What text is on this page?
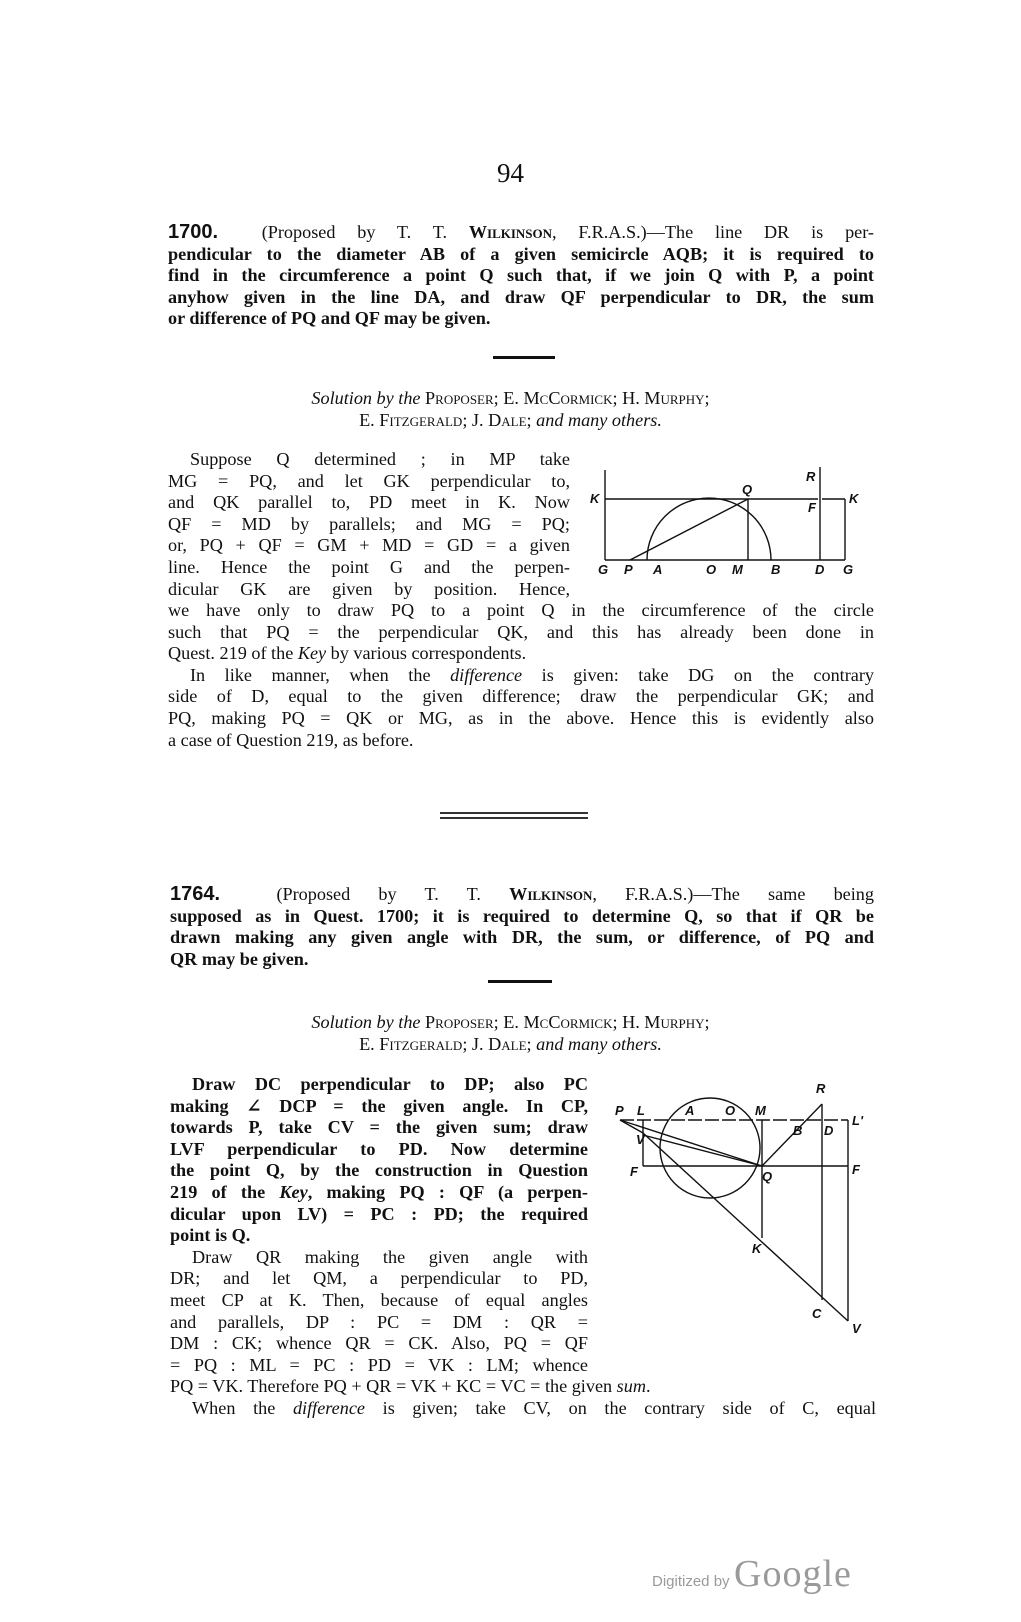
94
1700. (Proposed by T. T. Wilkinson, F.R.A.S.)—The line DR is per-
pendicular to the diameter AB of a given semicircle AQB; it is required to
find in the circumference a point Q such that, if we join Q with P, a point
anyhow given in the line DA, and draw QF perpendicular to DR, the sum
or difference of PQ and QF may be given.
Solution by the Proposer; E. McCormick; H. Murphy;
E. Fitzgerald; J. Dale; and many others.
Suppose Q determined ; in MP take
MG = PQ, and let GK perpendicular to,
and QK parallel to, PD meet in K. Now
QF = MD by parallels; and MG = PQ;
or, PQ + QF = GM + MD = GD = a given
line. Hence the point G and the perpen-
dicular GK are given by position. Hence,
K
Q
R
F
K
G P A	O M B	D G
we have only to draw PQ to a point Q in the circumference of the circle
such that PQ = the perpendicular QK, and this has already been done in
Quest. 219 of the Key by various correspondents.
In like manner, when the difference is given: take DG on the contrary
side of D, equal to the given difference; draw the perpendicular GK; and
PQ, making PQ = QK or MG, as in the above. Hence this is evidently also
a case of Question 219, as before.
1764.	(Proposed by T. T. Wilkinson, F.R.A.S.)—The same being
supposed as in Quest. 1700; it is required to determine Q, so that if QR be
drawn making any given angle with DR, the sum, or difference, of PQ and
QR may be given.
Solution by the Proposer; E. McCormick; H. Murphy;
E. Fitzgerald; J. Dale; and many others.
Draw DC perpendicular to DP; also PC
making ∠ DCP = the given angle. In CP,
towards P, take CV = the given sum; draw
LVF perpendicular to PD. Now determine
the point Q, by the construction in Question
219 of the Key, making PQ : QF (a perpen-
dicular upon LV) = PC : PD; the required
point is Q.
Draw QR making the given angle with
DR; and let QM, a perpendicular to PD,
meet CP at K. Then, because of equal angles
and parallels, DP : PC = DM : QR =
DM : CK; whence QR = CK. Also, PQ = QF
= PQ : ML = PC : PD = VK : LM; whence
R
P L	A O M
L'
V
B D
F	Q	F
K
C
V
PQ = VK. Therefore PQ + QR = VK + KC = VC = the given sum.
When the difference is given; take CV, on the contrary side of C, equal
Digitized by Google
